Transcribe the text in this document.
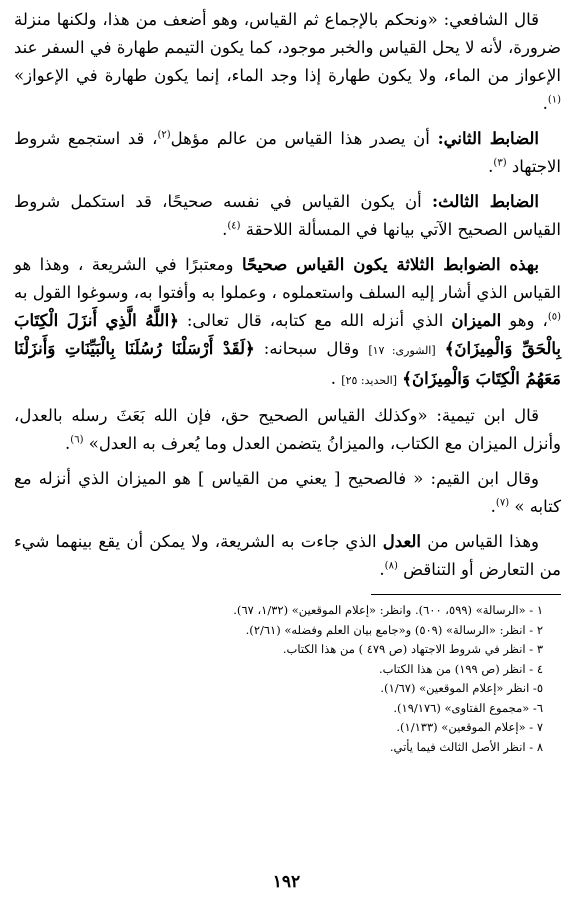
قال الشافعي: «ونحكم بالإجماع ثم القياس، وهو أضعف من هذا، ولكنها منزلة ضرورة، لأنه لا يحل القياس والخبر موجود، كما يكون التيمم طهارة في السفر عند الإعواز من الماء، ولا يكون طهارة إذا وجد الماء، إنما يكون طهارة في الإعواز» $^{(١)}$.

الضابط الثاني: أن يصدر هذا القياس من عالم مؤهل$^{(٢)}$، قد استجمع شروط الاجتهاد $^{(٣)}$.

الضابط الثالث: أن يكون القياس في نفسه صحيحًا، قد استكمل شروط القياس الصحيح الآتي بيانها في المسألة اللاحقة $^{(٤)}$.

بهذه الضوابط الثلاثة يكون القياس صحيحًا ومعتبرًا في الشريعة ، وهذا هو القياس الذي أشار إليه السلف واستعملوه ، وعملوا به وأفتوا به، وسوغوا القول به $^{(٥)}$، وهو الميزان الذي أنزله الله مع كتابه، قال تعالى: ﴿اللَّهُ الَّذِي أَنزَلَ الْكِتَابَ بِالْحَقِّ وَالْمِيزَانَ﴾ [الشورى: ١٧] وقال سبحانه: ﴿لَقَدْ أَرْسَلْنَا رُسُلَنَا بِالْبَيِّنَاتِ وَأَنزَلْنَا مَعَهُمُ الْكِتَابَ وَالْمِيزَانَ﴾ [الحديد: ٢٥] .

قال ابن تيمية: «وكذلك القياس الصحيح حق، فإن الله بَعَثَ رسله بالعدل، وأنزل الميزان مع الكتاب، والميزانُ يتضمن العدل وما يُعرف به العدل» $^{(٦)}$.

وقال ابن القيم: « فالصحيح [ يعني من القياس ] هو الميزان الذي أنزله مع كتابه » $^{(٧)}$.

وهذا القياس من العدل الذي جاءت به الشريعة، ولا يمكن أن يقع بينهما شيء من التعارض أو التناقض $^{(٨)}$.

١ - «الرسالة» (٥٩٩، ٦٠٠). وانظر: «إعلام الموقعين» (١/٣٢، ٦٧).

٢ - انظر: «الرسالة» (٥٠٩) و«جامع بيان العلم وفضله» (٢/٦١).

٣ - انظر في شروط الاجتهاد (ص ٤٧٩ ) من هذا الكتاب.

٤ - انظر (ص ١٩٩) من هذا الكتاب.

٥- انظر «إعلام الموقعين» (١/٦٧).

٦- «مجموع الفتاوى» (١٩/١٧٦).

٧ - «إعلام الموقعين» (١/١٣٣).

٨ - انظر الأصل الثالث فيما يأتي.

١٩٢
